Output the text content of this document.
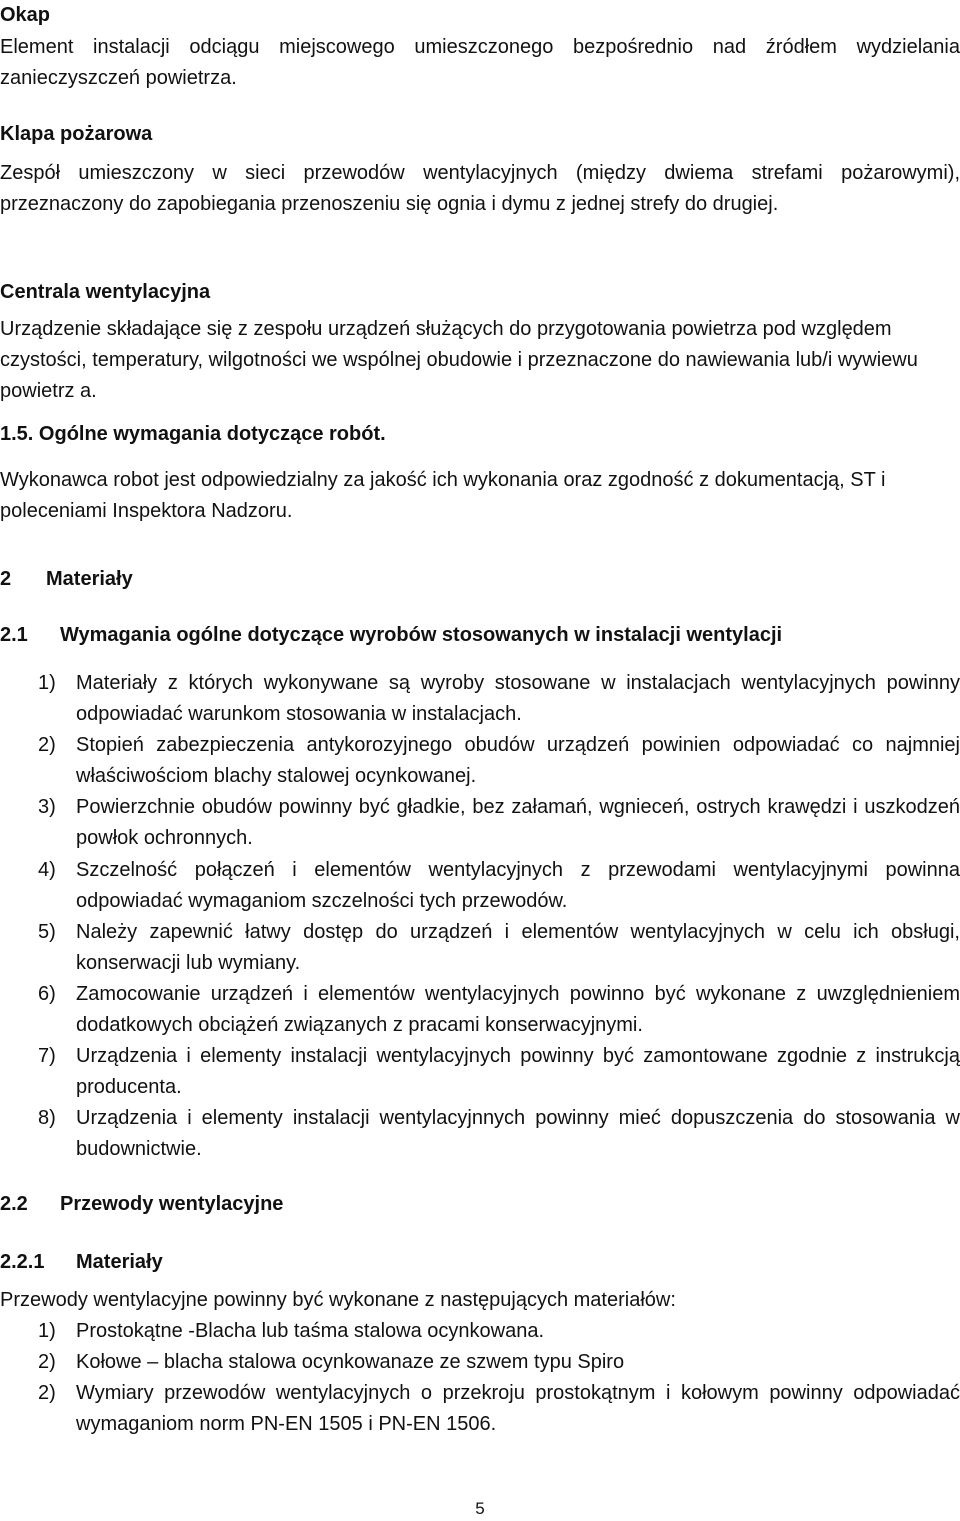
Okap
Element instalacji odciągu miejscowego umieszczonego bezpośrednio nad źródłem wydzielania zanieczyszczeń powietrza.
Klapa pożarowa
Zespół umieszczony w sieci przewodów wentylacyjnych (między dwiema strefami pożarowymi), przeznaczony do zapobiegania przenoszeniu się ognia i dymu z jednej strefy do drugiej.
Centrala wentylacyjna
Urządzenie składające się z zespołu urządzeń służących do przygotowania powietrza pod względem czystości, temperatury, wilgotności we wspólnej obudowie i przeznaczone do nawiewania lub/i wywiewu powietrz a.
1.5. Ogólne wymagania dotyczące robót.
Wykonawca robot jest odpowiedzialny za jakość ich wykonania oraz zgodność z dokumentacją, ST i poleceniami Inspektora Nadzoru.
2 Materiały
2.1 Wymagania ogólne dotyczące wyrobów stosowanych w instalacji wentylacji
1) Materiały z których wykonywane są wyroby stosowane w instalacjach wentylacyjnych powinny odpowiadać warunkom stosowania w instalacjach.
2) Stopień zabezpieczenia antykorozyjnego obudów urządzeń powinien odpowiadać co najmniej właściwościom blachy stalowej ocynkowanej.
3) Powierzchnie obudów powinny być gładkie, bez załamań, wgnieceń, ostrych krawędzi i uszkodzeń powłok ochronnych.
4) Szczelność połączeń i elementów wentylacyjnych z przewodami wentylacyjnymi powinna odpowiadać wymaganiom szczelności tych przewodów.
5) Należy zapewnić łatwy dostęp do urządzeń i elementów wentylacyjnych w celu ich obsługi, konserwacji lub wymiany.
6) Zamocowanie urządzeń i elementów wentylacyjnych powinno być wykonane z uwzględnieniem dodatkowych obciążeń związanych z pracami konserwacyjnymi.
7) Urządzenia i elementy instalacji wentylacyjnych powinny być zamontowane zgodnie z instrukcją producenta.
8) Urządzenia i elementy instalacji wentylacyjnnych powinny mieć dopuszczenia do stosowania w budownictwie.
2.2 Przewody wentylacyjne
2.2.1 Materiały
Przewody wentylacyjne powinny być wykonane z następujących materiałów:
1) Prostokątne -Blacha lub taśma stalowa ocynkowana.
2) Kołowe – blacha stalowa ocynkowanaze ze szwem typu Spiro
2) Wymiary przewodów wentylacyjnych o przekroju prostokątnym i kołowym powinny odpowiadać wymaganiom norm PN-EN 1505 i PN-EN 1506.
5
